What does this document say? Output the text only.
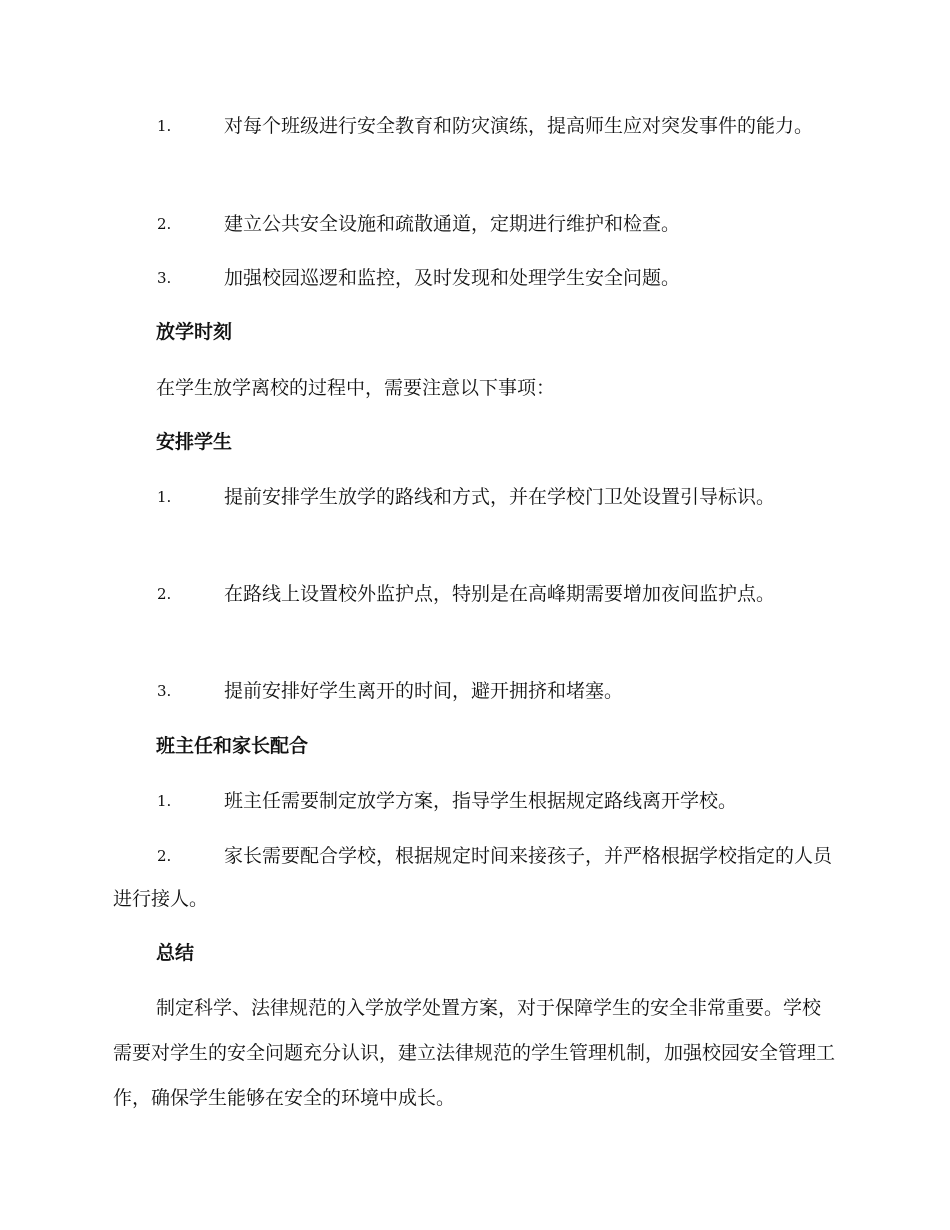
1.	对每个班级进行安全教育和防灾演练，提高师生应对突发事件的能力。

2.	建立公共安全设施和疏散通道，定期进行维护和检查。

3.	加强校园巡逻和监控，及时发现和处理学生安全问题。

放学时刻

在学生放学离校的过程中，需要注意以下事项：

安排学生
1.	提前安排学生放学的路线和方式，并在学校门卫处设置引导标识。

2.	在路线上设置校外监护点，特别是在高峰期需要增加夜间监护点。

3.	提前安排好学生离开的时间，避开拥挤和堵塞。

班主任和家长配合
1.	班主任需要制定放学方案，指导学生根据规定路线离开学校。

2.	家长需要配合学校，根据规定时间来接孩子，并严格根据学校指定的人员进行接人。

总结

制定科学、法律规范的入学放学处置方案，对于保障学生的安全非常重要。学校需要对学生的安全问题充分认识，建立法律规范的学生管理机制，加强校园安全管理工作，确保学生能够在安全的环境中成长。
